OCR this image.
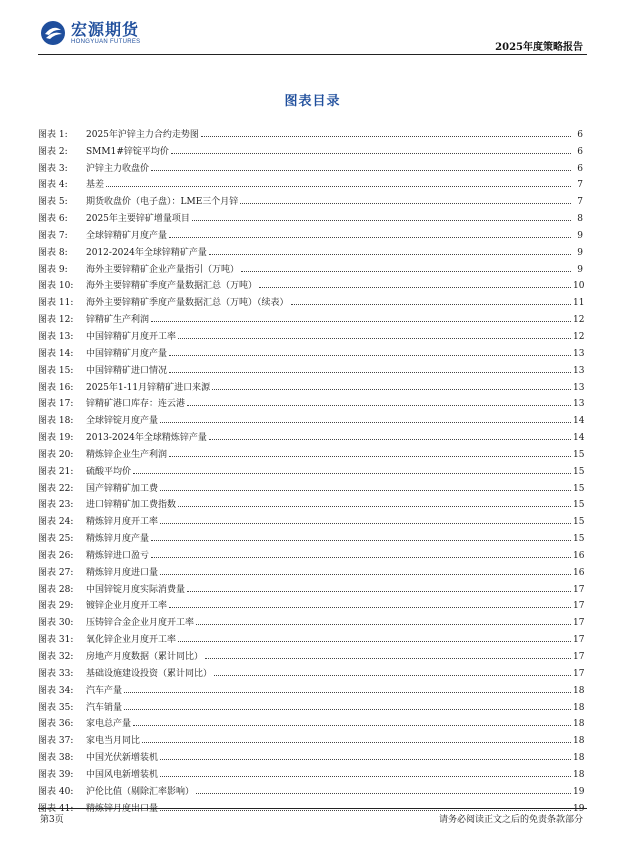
宏源期货
HONGYUAN FUTURES
2025年度策略报告
图表目录
图表 1:	2025年沪锌主力合约走势图	6
图表 2:	SMM1#锌锭平均价	6
图表 3:	沪锌主力收盘价	6
图表 4:	基差	7
图表 5:	期货收盘价（电子盘）：LME三个月锌	7
图表 6:	2025年主要锌矿增量项目	8
图表 7:	全球锌精矿月度产量	9
图表 8:	2012-2024年全球锌精矿产量	9
图表 9:	海外主要锌精矿企业产量指引（万吨）	9
图表 10:	海外主要锌精矿季度产量数据汇总（万吨）	10
图表 11:	海外主要锌精矿季度产量数据汇总（万吨）（续表）	11
图表 12:	锌精矿生产利润	12
图表 13:	中国锌精矿月度开工率	12
图表 14:	中国锌精矿月度产量	13
图表 15:	中国锌精矿进口情况	13
图表 16:	2025年1-11月锌精矿进口来源	13
图表 17:	锌精矿港口库存：连云港	13
图表 18:	全球锌锭月度产量	14
图表 19:	2013-2024年全球精炼锌产量	14
图表 20:	精炼锌企业生产利润	15
图表 21:	硫酸平均价	15
图表 22:	国产锌精矿加工费	15
图表 23:	进口锌精矿加工费指数	15
图表 24:	精炼锌月度开工率	15
图表 25:	精炼锌月度产量	15
图表 26:	精炼锌进口盈亏	16
图表 27:	精炼锌月度进口量	16
图表 28:	中国锌锭月度实际消费量	17
图表 29:	镀锌企业月度开工率	17
图表 30:	压铸锌合金企业月度开工率	17
图表 31:	氧化锌企业月度开工率	17
图表 32:	房地产月度数据（累计同比）	17
图表 33:	基础设施建设投资（累计同比）	17
图表 34:	汽车产量	18
图表 35:	汽车销量	18
图表 36:	家电总产量	18
图表 37:	家电当月同比	18
图表 38:	中国光伏新增装机	18
图表 39:	中国风电新增装机	18
图表 40:	沪伦比值（剔除汇率影响）	19
图表 41:	精炼锌月度出口量	19
第3页	请务必阅读正文之后的免责条款部分
